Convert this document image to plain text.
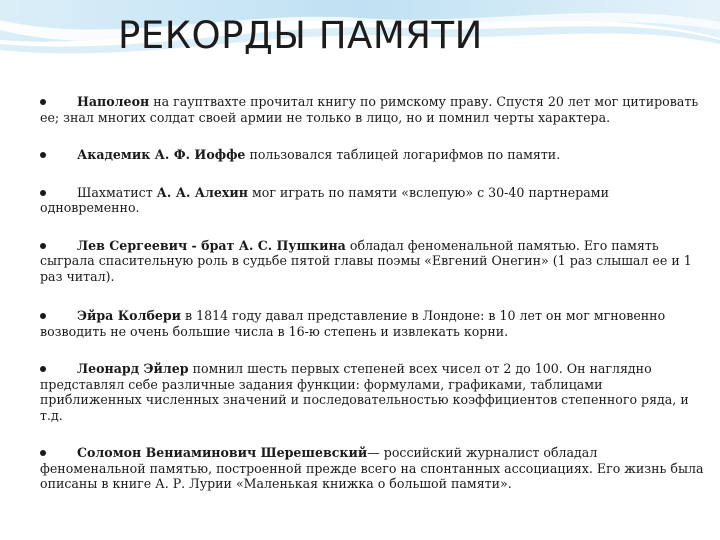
РЕКОРДЫ ПАМЯТИ
Наполеон на гауптвахте прочитал книгу по римскому праву. Спустя 20 лет мог цитировать ее; знал многих солдат своей армии не только в лицо, но и помнил черты характера.
Академик А. Ф. Иоффе пользовался таблицей логарифмов по памяти.
Шахматист А. А. Алехин мог играть по памяти «вслепую» с 30-40 партнерами одновременно.
Лев Сергеевич - брат А. С. Пушкина обладал феноменальной памятью. Его память сыграла спасительную роль в судьбе пятой главы поэмы «Евгений Онегин» (1 раз слышал ее и 1 раз читал).
Эйра Колбери в 1814 году давал представление в Лондоне: в 10 лет он мог мгновенно возводить не очень большие числа в 16-ю степень и извлекать корни.
Леонард Эйлер помнил шесть первых степеней всех чисел от 2 до 100. Он наглядно представлял себе различные задания функции: формулами, графиками, таблицами приближенных численных значений и последовательностью коэффициентов степенного ряда, и т.д.
Соломон Вениаминович Шерешевский— российский журналист обладал феноменальной памятью, построенной прежде всего на спонтанных ассоциациях. Его жизнь была описаны в книге А. Р. Лурии «Маленькая книжка о большой памяти».
